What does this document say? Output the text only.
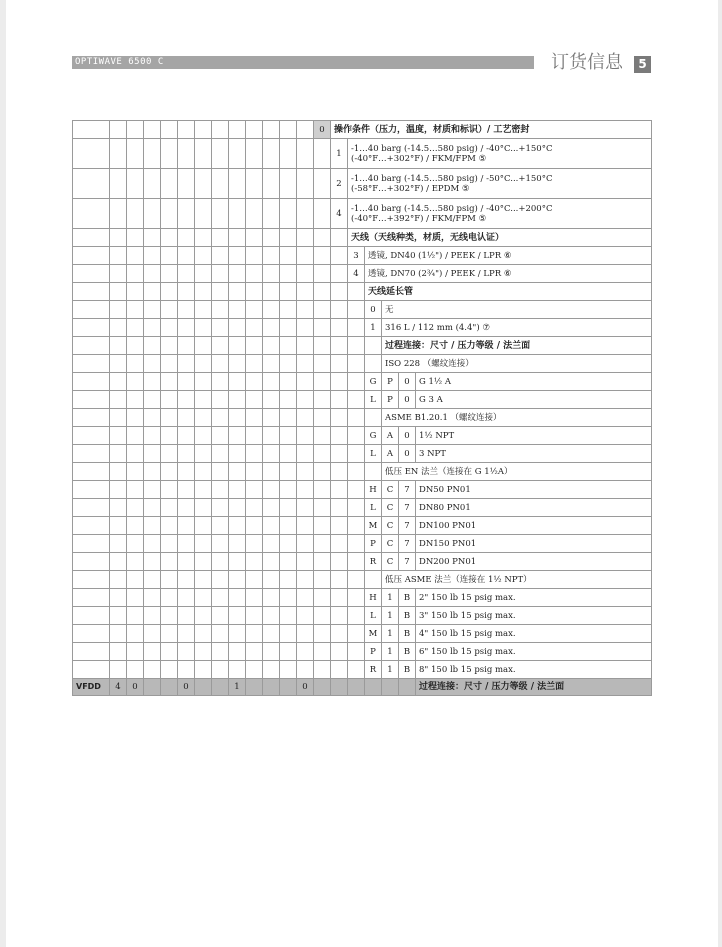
OPTIWAVE 6500 C	订货信息	5
													0	操作条件（压力，温度，材质和标识）/ 工艺密封					
														1	-1…40 barg (-14.5…580 psig) / -40°C...+150°C
(-40°F…+302°F) / FKM/FPM ⑤				

														2	-1…40 barg (-14.5…580 psig) / -50°C...+150°C
(-58°F…+302°F) / EPDM ⑤				

														4	-1…40 barg (-14.5…580 psig) / -40°C...+200°C
(-40°F…+392°F) / FKM/FPM ⑤				

															天线（天线种类，材质，无线电认证）				
															3	透镜, DN40 (1½") / PEEK / LPR ⑥			
															4	透镜, DN70 (2¾") / PEEK / LPR ⑥			
																天线延长管			
																0	无		
																1	316 L / 112 mm (4.4") ⑦		
																	过程连接：尺寸 / 压力等级 / 法兰面		
																	ISO 228 （螺纹连接）		
																G	P	0	G 1½ A
																L	P	0	G 3 A
																	ASME B1.20.1 （螺纹连接）		
																G	A	0	1½ NPT
																L	A	0	3 NPT
																	低压 EN 法兰（连接在 G 1½A）		
																H	C	7	DN50 PN01
																L	C	7	DN80 PN01
																M	C	7	DN100 PN01
																P	C	7	DN150 PN01
																R	C	7	DN200 PN01
																	低压 ASME 法兰（连接在 1½ NPT）		
																H	1	B	2" 150 lb 15 psig max.
																L	1	B	3" 150 lb 15 psig max.
																M	1	B	4" 150 lb 15 psig max.
																P	1	B	6" 150 lb 15 psig max.
																R	1	B	8" 150 lb 15 psig max.
VFDD	4	0			0			1				0							过程连接：尺寸 / 压力等级 / 法兰面
